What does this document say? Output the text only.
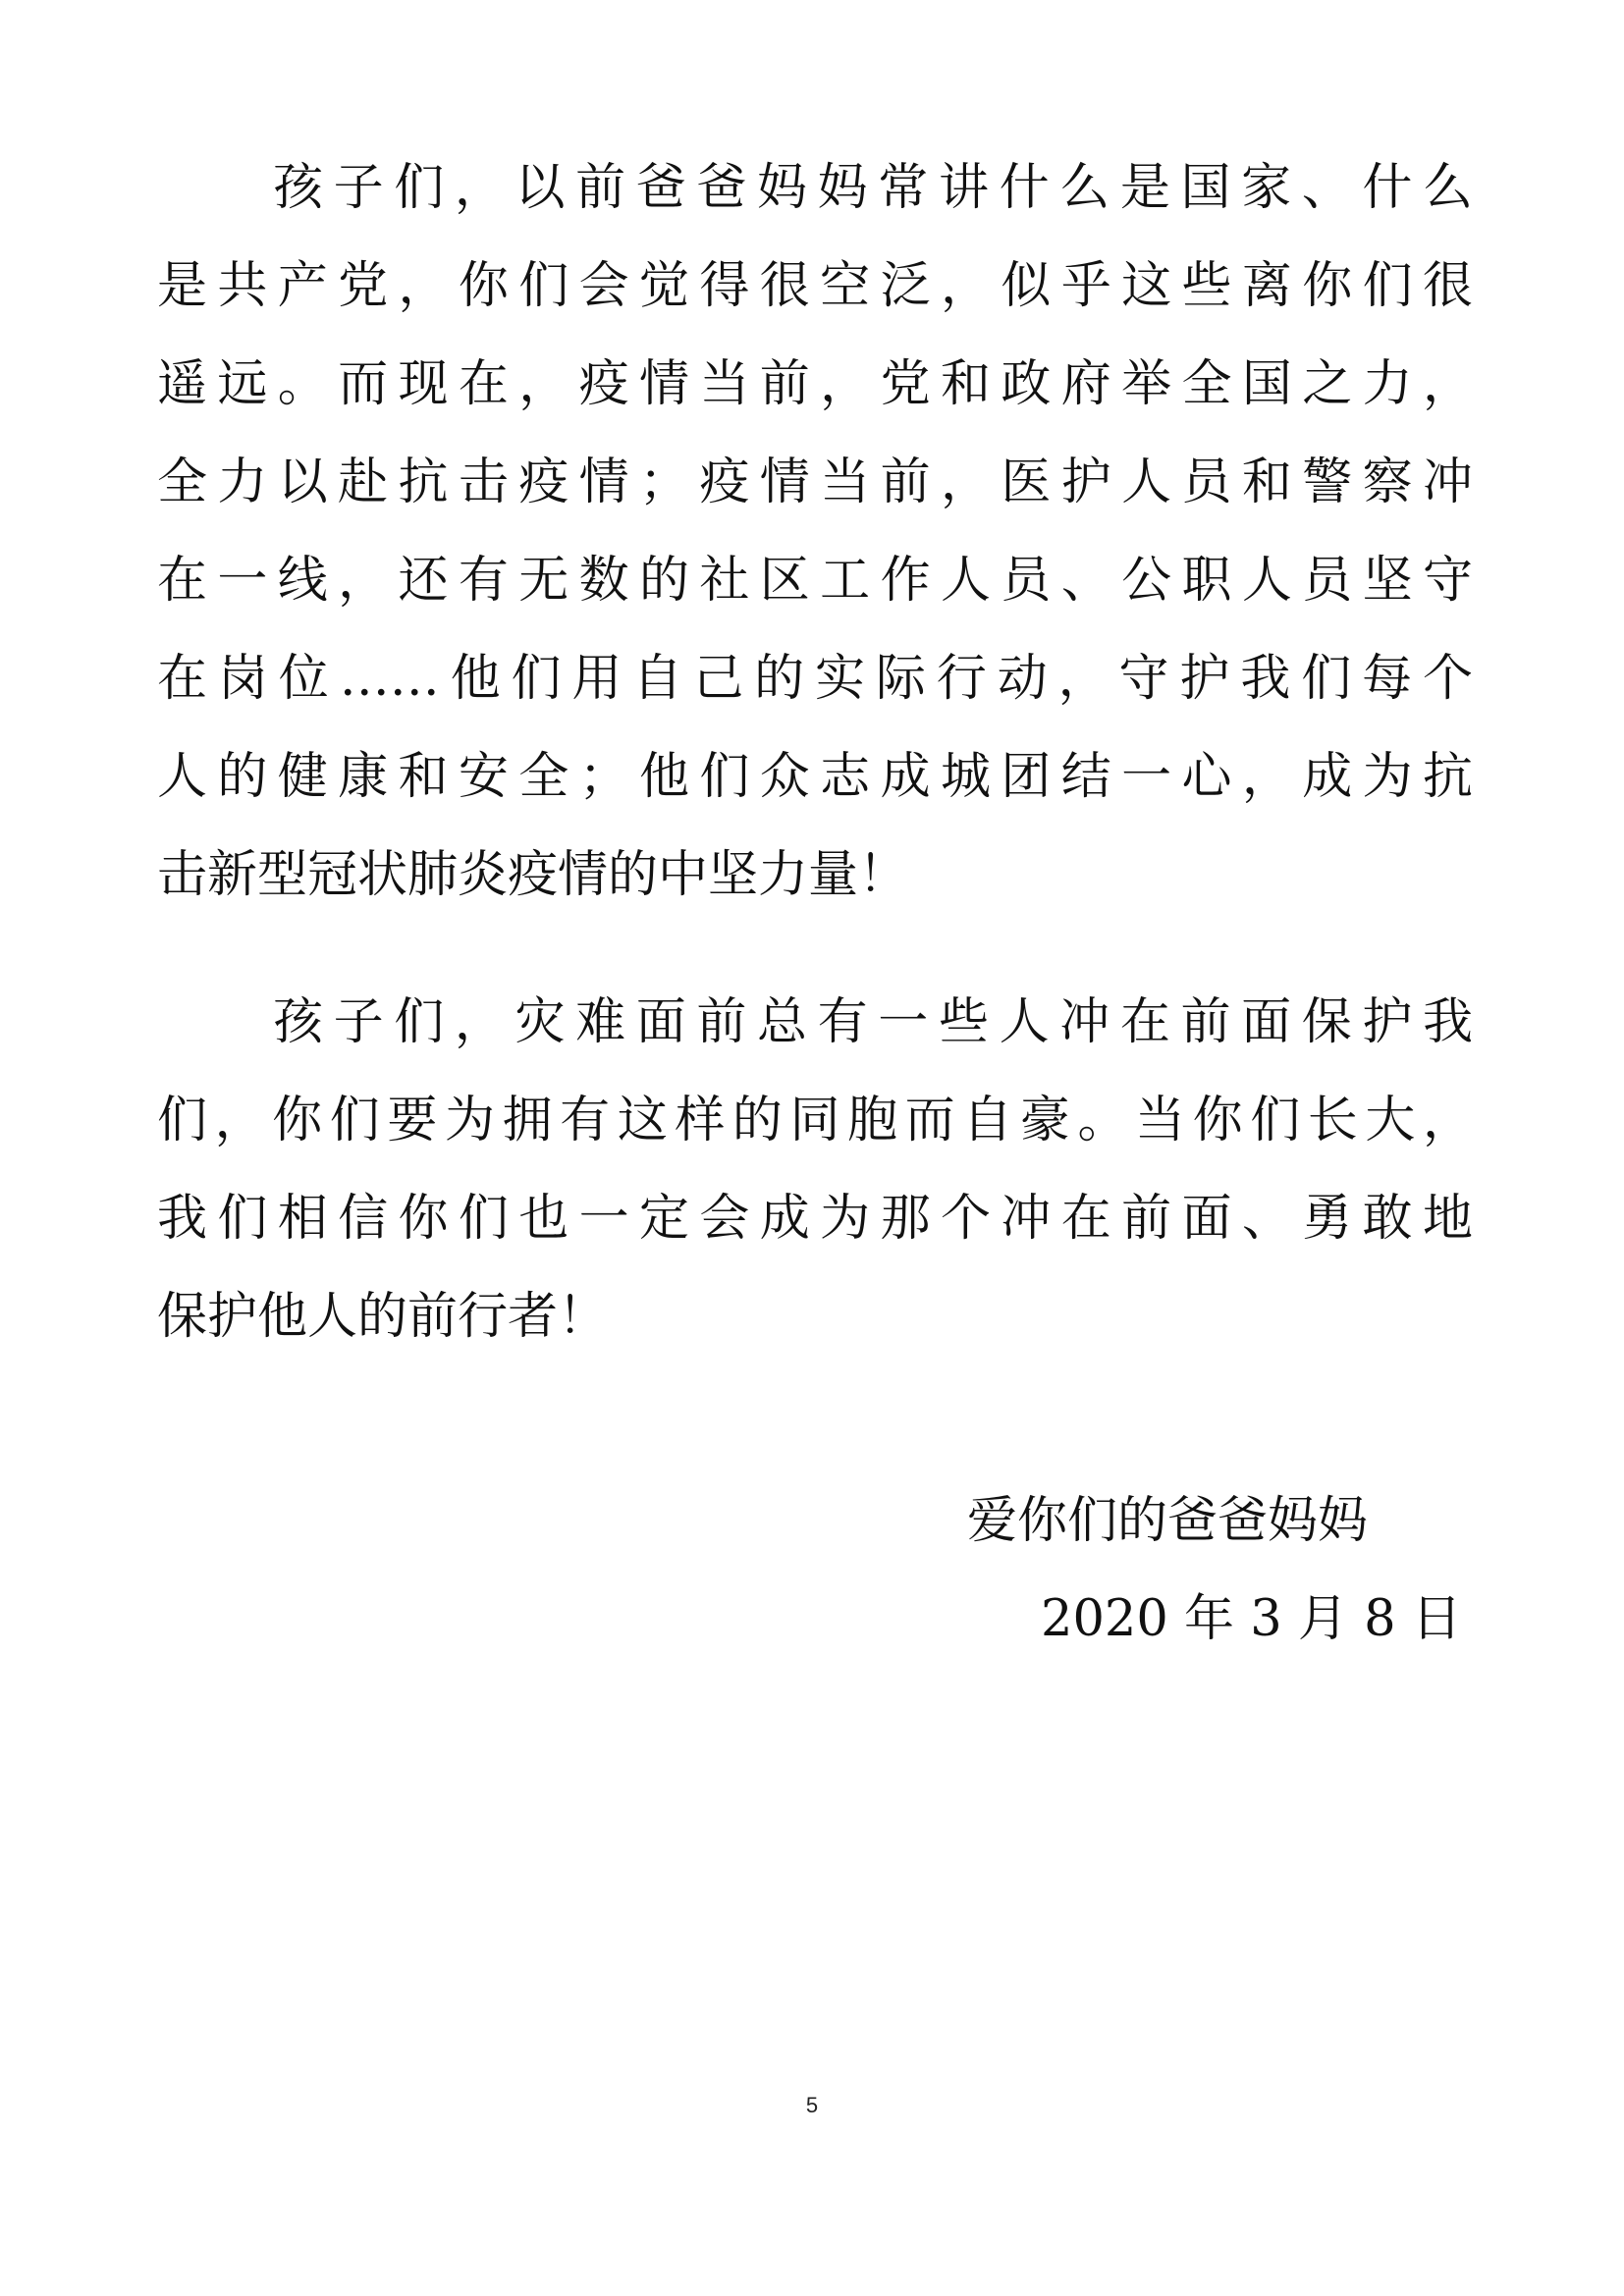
孩子们，以前爸爸妈妈常讲什么是国家、什么
是共产党，你们会觉得很空泛，似乎这些离你们很
遥远。而现在，疫情当前，党和政府举全国之力，
全力以赴抗击疫情；疫情当前，医护人员和警察冲
在一线，还有无数的社区工作人员、公职人员坚守
在岗位……他们用自己的实际行动，守护我们每个
人的健康和安全；他们众志成城团结一心，成为抗
击新型冠状肺炎疫情的中坚力量！
孩子们，灾难面前总有一些人冲在前面保护我
们，你们要为拥有这样的同胞而自豪。当你们长大，
我们相信你们也一定会成为那个冲在前面、勇敢地
保护他人的前行者！
爱你们的爸爸妈妈
2020 年 3 月 8 日
5
